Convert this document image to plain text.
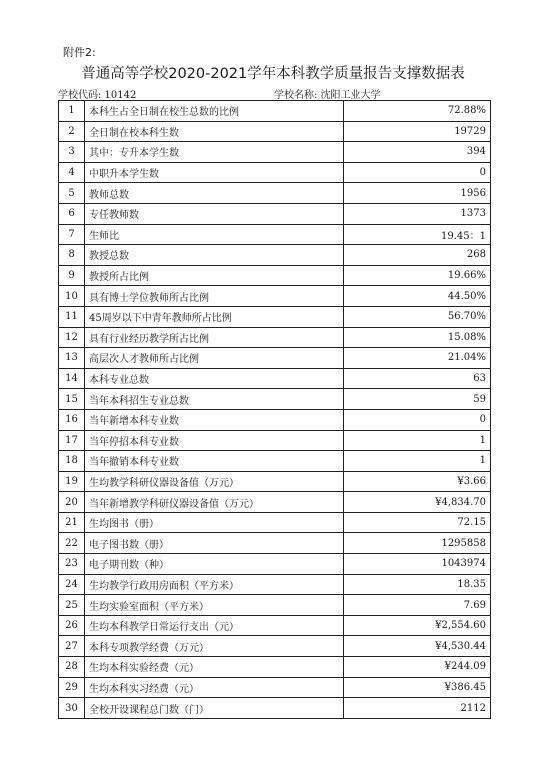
附件2:
普通高等学校2020-2021学年本科教学质量报告支撑数据表
学校代码: 10142	学校名称: 沈阳工业大学
1	本科生占全日制在校生总数的比例	72.88%
2	全日制在校本科生数	19729
3	其中：专升本学生数	394
4	中职升本学生数	0
5	教师总数	1956
6	专任教师数	1373
7	生师比	19.45：1
8	教授总数	268
9	教授所占比例	19.66%
10	具有博士学位教师所占比例	44.50%
11	45周岁以下中青年教师所占比例	56.70%
12	具有行业经历教学所占比例	15.08%
13	高层次人才教师所占比例	21.04%
14	本科专业总数	63
15	当年本科招生专业总数	59
16	当年新增本科专业数	0
17	当年停招本科专业数	1
18	当年撤销本科专业数	1
19	生均教学科研仪器设备值（万元）	¥3.66
20	当年新增教学科研仪器设备值（万元）	¥4,834.70
21	生均图书（册）	72.15
22	电子图书数（册）	1295858
23	电子期刊数（种）	1043974
24	生均教学行政用房面积（平方米）	18.35
25	生均实验室面积（平方米）	7.69
26	生均本科教学日常运行支出（元）	¥2,554.60
27	本科专项教学经费（万元）	¥4,530.44
28	生均本科实验经费（元）	¥244.09
29	生均本科实习经费（元）	¥386.45
30	全校开设课程总门数（门）	2112
